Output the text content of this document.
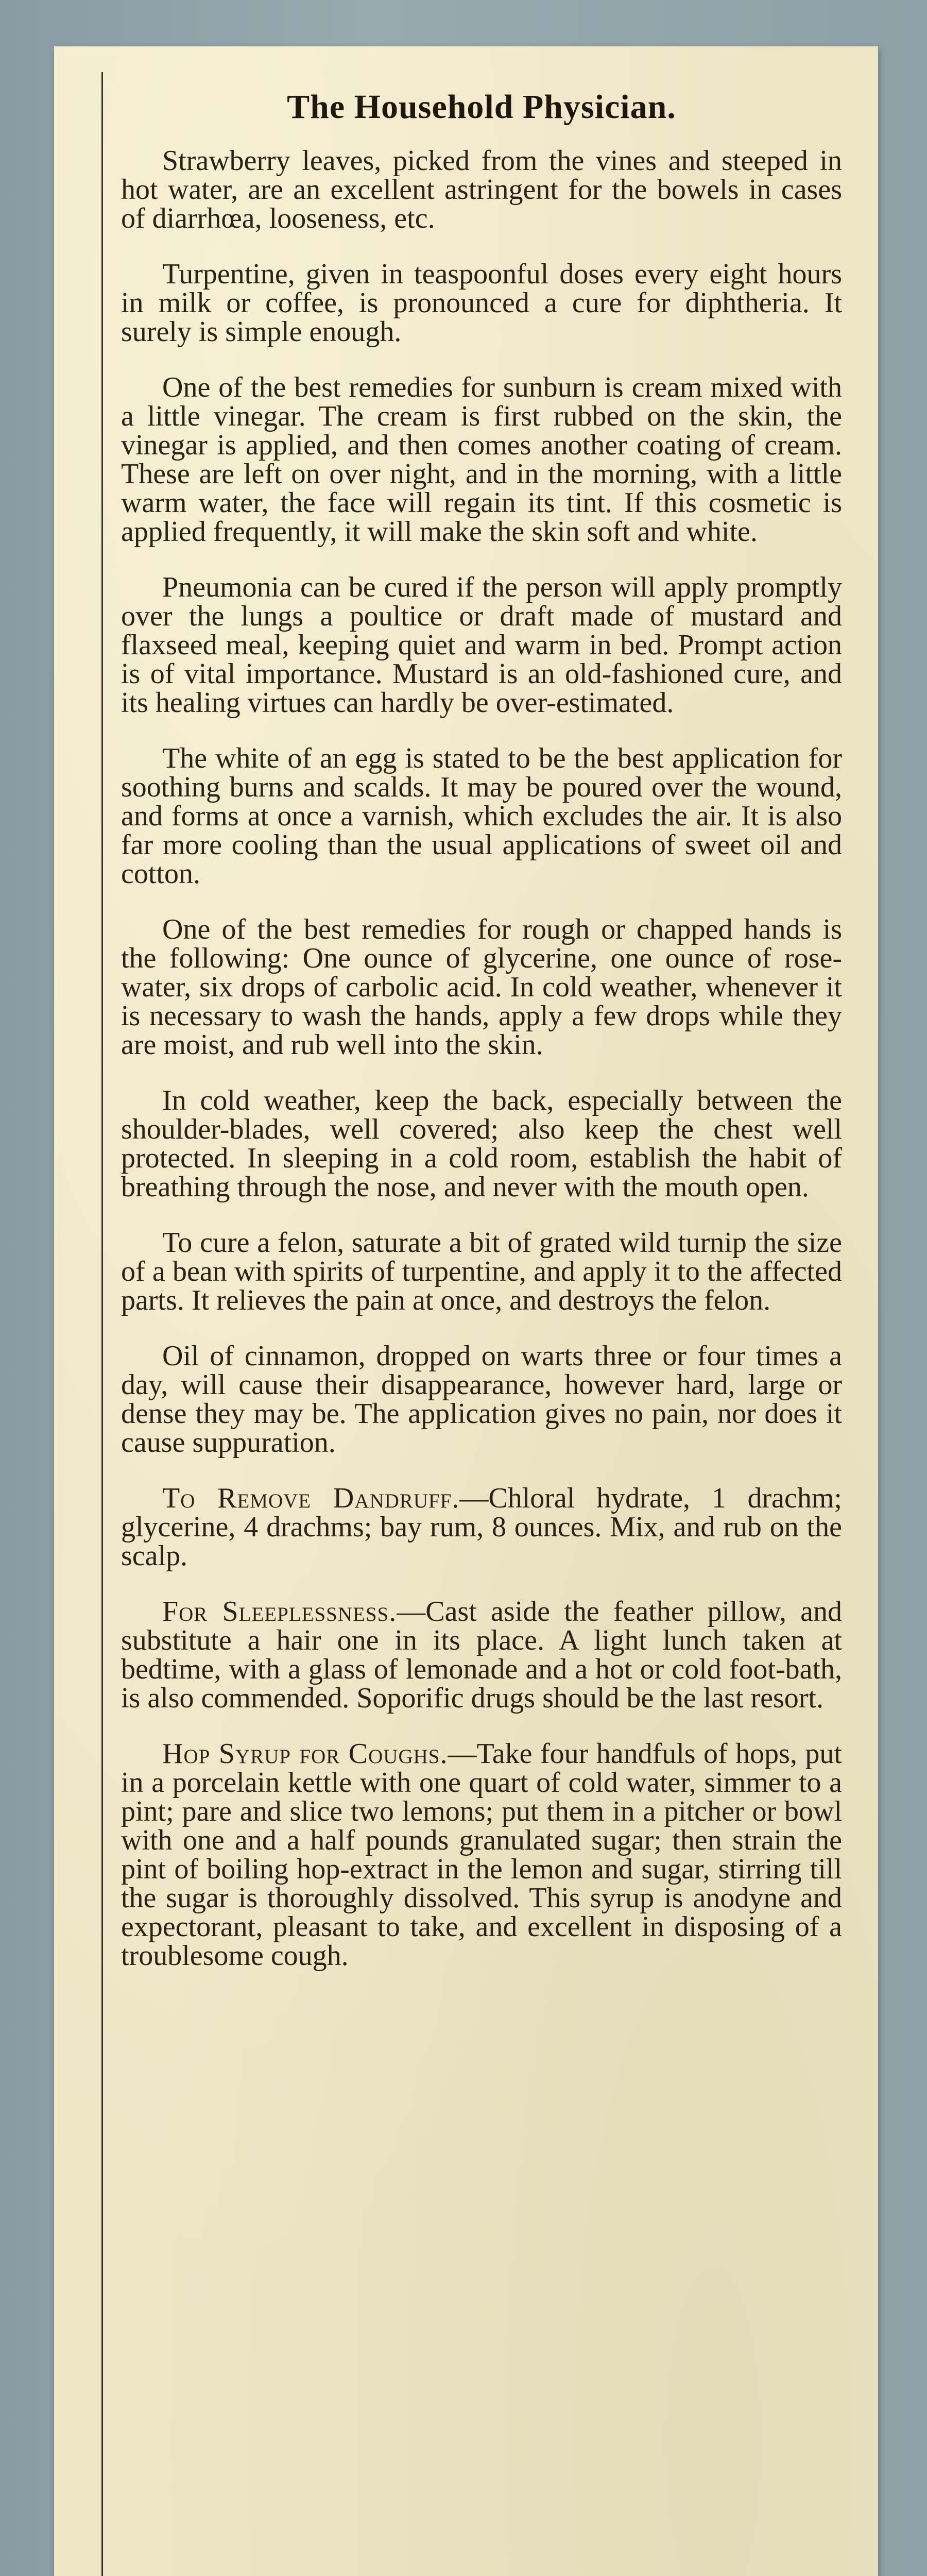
The Household Physician.

Strawberry leaves, picked from the vines and steeped in hot water, are an excellent astringent for the bowels in cases of diarrhœa, looseness, etc.

Turpentine, given in teaspoonful doses every eight hours in milk or coffee, is pronounced a cure for diphtheria. It surely is simple enough.

One of the best remedies for sunburn is cream mixed with a little vinegar. The cream is first rubbed on the skin, the vinegar is applied, and then comes another coating of cream. These are left on over night, and in the morning, with a little warm water, the face will regain its tint. If this cosmetic is applied frequently, it will make the skin soft and white.

Pneumonia can be cured if the person will apply promptly over the lungs a poultice or draft made of mustard and flaxseed meal, keeping quiet and warm in bed. Prompt action is of vital importance. Mustard is an old-fashioned cure, and its healing virtues can hardly be over-estimated.

The white of an egg is stated to be the best application for soothing burns and scalds. It may be poured over the wound, and forms at once a varnish, which excludes the air. It is also far more cooling than the usual applications of sweet oil and cotton.

One of the best remedies for rough or chapped hands is the following: One ounce of glycerine, one ounce of rose-water, six drops of carbolic acid. In cold weather, whenever it is necessary to wash the hands, apply a few drops while they are moist, and rub well into the skin.

In cold weather, keep the back, especially between the shoulder-blades, well covered; also keep the chest well protected. In sleeping in a cold room, establish the habit of breathing through the nose, and never with the mouth open.

To cure a felon, saturate a bit of grated wild turnip the size of a bean with spirits of turpentine, and apply it to the affected parts. It relieves the pain at once, and destroys the felon.

Oil of cinnamon, dropped on warts three or four times a day, will cause their disappearance, however hard, large or dense they may be. The application gives no pain, nor does it cause suppuration.

To Remove Dandruff.—Chloral hydrate, 1 drachm; glycerine, 4 drachms; bay rum, 8 ounces. Mix, and rub on the scalp.

For Sleeplessness.—Cast aside the feather pillow, and substitute a hair one in its place. A light lunch taken at bedtime, with a glass of lemonade and a hot or cold foot-bath, is also commended. Soporific drugs should be the last resort.

Hop Syrup for Coughs.—Take four handfuls of hops, put in a porcelain kettle with one quart of cold water, simmer to a pint; pare and slice two lemons; put them in a pitcher or bowl with one and a half pounds granulated sugar; then strain the pint of boiling hop-extract in the lemon and sugar, stirring till the sugar is thoroughly dissolved. This syrup is anodyne and expectorant, pleasant to take, and excellent in disposing of a troublesome cough.
